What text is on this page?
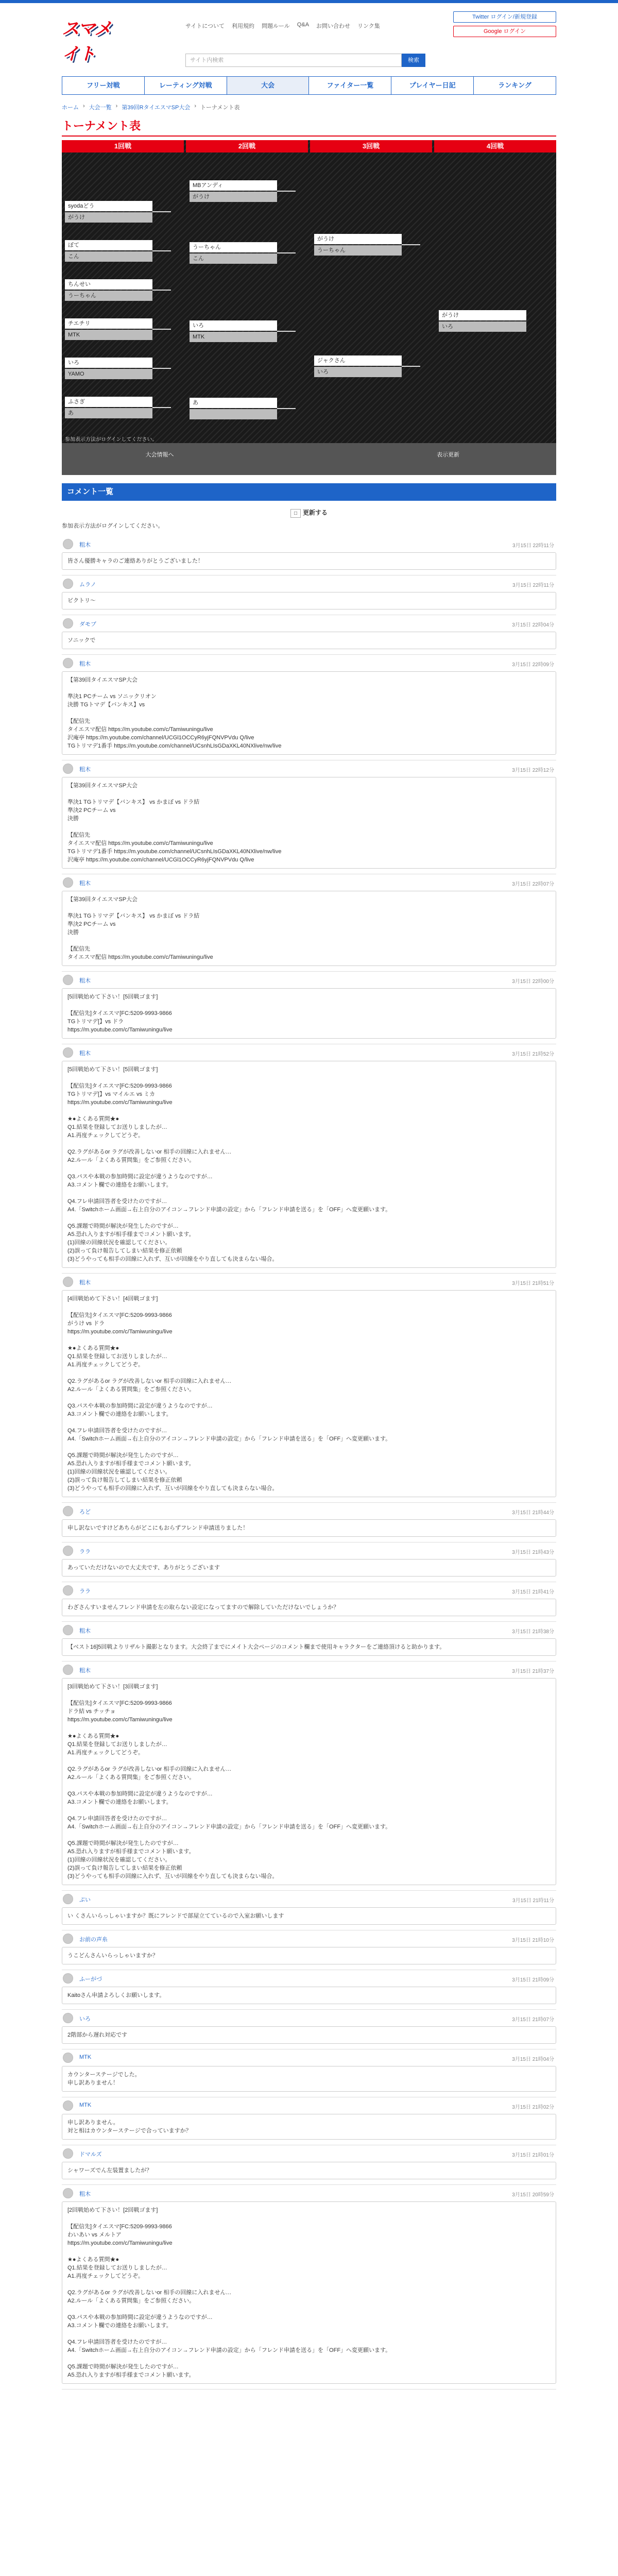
スマメイト
サイトについて 利用規約 問題ルール Q&A お問い合わせ リンク集
Twitter ログイン/新規登録
Google ログイン
サイト内検索	検索
フリー対戦	レーティング対戦	大会	ファイター一覧	プレイヤー日記	ランキング
ホーム › 大会一覧 › 第39回RタイエスマSP大会 › トーナメント表
トーナメント表
1回戦	2回戦	3回戦	4回戦
参加表示方法がログインしてください。
大会情報へ	表示更新
syodaどう
がうけ
ぼて
こん
ちんせい
うーちゃん
チエチリ
MTK
いろ
YAMO
ふさぎ
あ
MBアンディ
がうけ
うーちゃん
こん
いろ
MTK
あ
がうけ
うーちゃん
ジャクさん
いろ
がうけ
いろ
コメント一覧
□ 更新する
参加表示方法がログインしてください。
粗木	3月15日 22時11分
皆さん優勝キャラのご連絡ありがとうございました！
ムラノ	3月15日 22時11分
ビクトリ〜
ダモブ	3月15日 22時04分
ソニックで
粗木	3月15日 22時09分
【第39回タイエスマSP大会

準決1 PCチーム vs ソニックリオン
決勝 TGトマデ【バンキス】vs

【配信先
タイエスマ配信 https://m.youtube.com/c/Tamiwuningu/live
沢庵亭 https://m.youtube.com/channel/UCGl1OCCyR6yjFQNVPVdu Q/live
TGトリマデ1番手 https://m.youtube.com/channel/UCsnhLIsGDaXKL40NXlive/nw/live
粗木	3月15日 22時12分
【第39回タイエスマSP大会

準決1 TGトリマデ【バンキス】 vs かまぼ vs ドラ結
準決2 PCチーム vs
決勝

【配信先
タイエスマ配信 https://m.youtube.com/c/Tamiwuningu/live
TGトリマデ1番手 https://m.youtube.com/channel/UCsnhLIsGDaXKL40NXlive/nw/live
沢庵亭 https://m.youtube.com/channel/UCGl1OCCyR6yjFQNVPVdu Q/live
粗木	3月15日 22時07分
【第39回タイエスマSP大会

準決1 TGトリマデ【バンキス】 vs かまぼ vs ドラ結
準決2 PCチーム vs
決勝

【配信先
タイエスマ配信 https://m.youtube.com/c/Tamiwuningu/live
粗木	3月15日 22時00分
[5回戦始めて下さい！[5回戦ゴます]

【配信先]タイエスマ[FC:5209-9993-9866
TGトリマデ[】vs ドラ
https://m.youtube.com/c/Tamiwuningu/live
粗木	3月15日 21時52分
[5回戦始めて下さい！[5回戦ゴます]

【配信先]タイエスマ[FC:5209-9993-9866
TGトリマデ[】vs マイルエ vs ミカ
https://m.youtube.com/c/Tamiwuningu/live

★●よくある質問★●
Q1.結果を登録してお送りしましたが…
A1.再度チェックしてどうぞ。

Q2.ラグがあるor ラグが改善しないor 相手の回線に入れません…
A2.ルール「よくある質問集」をご参照ください。

Q3.パスや本戦の参加時間に設定が違うようなのですが…
A3.コメント欄での連絡をお願いします。

Q4.フレ申請回答者を受けたのですが…
A4.「Switchホーム画面→右上自分のアイコン→フレンド申請の設定」から「フレンド申請を送る」を「OFF」へ変更願います。

Q5.課題で時間が解決が発生したのですが…
A5.恐れ入りますが相手様までコメント願います。
(1)回線の回線状況を確認してください。
(2)誤って負け報告してしまい結果を修正依頼
(3)どうやっても相手の回線に入れず、互いが回線をやり直しても決まらない場合。
粗木	3月15日 21時51分
[4回戦始めて下さい！[4回戦ゴます]

【配信先]タイエスマ[FC:5209-9993-9866
がうけ vs ドラ
https://m.youtube.com/c/Tamiwuningu/live

★●よくある質問★●
Q1.結果を登録してお送りしましたが…
A1.再度チェックしてどうぞ。

Q2.ラグがあるor ラグが改善しないor 相手の回線に入れません…
A2.ルール「よくある質問集」をご参照ください。

Q3.パスや本戦の参加時間に設定が違うようなのですが…
A3.コメント欄での連絡をお願いします。

Q4.フレ申請回答者を受けたのですが…
A4.「Switchホーム画面→右上自分のアイコン→フレンド申請の設定」から「フレンド申請を送る」を「OFF」へ変更願います。

Q5.課題で時間が解決が発生したのですが…
A5.恐れ入りますが相手様までコメント願います。
(1)回線の回線状況を確認してください。
(2)誤って負け報告してしまい結果を修正依頼
(3)どうやっても相手の回線に入れず、互いが回線をやり直しても決まらない場合。
ろど	3月15日 21時44分
申し訳ないですけどあちらがどこにもおらずフレンド申請送りました！
ララ	3月15日 21時43分
あっていただけないので大丈夫です、ありがとうございます
ララ	3月15日 21時41分
わざさんすいませんフレンド申請を左の取らない設定になってますので解除していただけないでしょうか？
粗木	3月15日 21時38分
【ベスト16]5回戦よりリザルト撮影となります。大会終了までにメイト大会ページのコメント欄まで使用キャラクターをご連絡頂けると助かります。
粗木	3月15日 21時37分
[3回戦始めて下さい！[3回戦ゴます]

【配信先]タイエスマ[FC:5209-9993-9866
ドラ結 vs チッチョ
https://m.youtube.com/c/Tamiwuningu/live

★●よくある質問★●
Q1.結果を登録してお送りしましたが…
A1.再度チェックしてどうぞ。

Q2.ラグがあるor ラグが改善しないor 相手の回線に入れません…
A2.ルール「よくある質問集」をご参照ください。

Q3.パスや本戦の参加時間に設定が違うようなのですが…
A3.コメント欄での連絡をお願いします。

Q4.フレ申請回答者を受けたのですが…
A4.「Switchホーム画面→右上自分のアイコン→フレンド申請の設定」から「フレンド申請を送る」を「OFF」へ変更願います。

Q5.課題で時間が解決が発生したのですが…
A5.恐れ入りますが相手様までコメント願います。
(1)回線の回線状況を確認してください。
(2)誤って負け報告してしまい結果を修正依頼
(3)どうやっても相手の回線に入れず、互いが回線をやり直しても決まらない場合。
ぷい	3月15日 21時11分
い くさんいらっしゃいますか？既にフレンドで部屋立てているので入室お願いします
お前の声糸	3月15日 21時10分
うこどんさんいらっしゃいますか？
ふーがづ	3月15日 21時09分
Kaitoさん申請よろしくお願いします。
いろ	3月15日 21時07分
2階部から遅れ対応です
MTK	3月15日 21時04分
カウンターステージでした。
申し訳ありません！
MTK	3月15日 21時02分
申し訳ありません。
対と相はカウンターステージで合っていますか？
ドマルズ	3月15日 21時01分
シャワーズでん左装置ましたが？
粗木	3月15日 20時59分
[2回戦始めて下さい！[2回戦ゴます]

【配信先]タイエスマ[FC:5209-9993-9866
わいあい vs メルトア
https://m.youtube.com/c/Tamiwuningu/live

★●よくある質問★●
Q1.結果を登録してお送りしましたが…
A1.再度チェックしてどうぞ。

Q2.ラグがあるor ラグが改善しないor 相手の回線に入れません…
A2.ルール「よくある質問集」をご参照ください。

Q3.パスや本戦の参加時間に設定が違うようなのですが…
A3.コメント欄での連絡をお願いします。

Q4.フレ申請回答者を受けたのですが…
A4.「Switchホーム画面→右上自分のアイコン→フレンド申請の設定」から「フレンド申請を送る」を「OFF」へ変更願います。

Q5.課題で時間が解決が発生したのですが…
A5.恐れ入りますが相手様までコメント願います。
